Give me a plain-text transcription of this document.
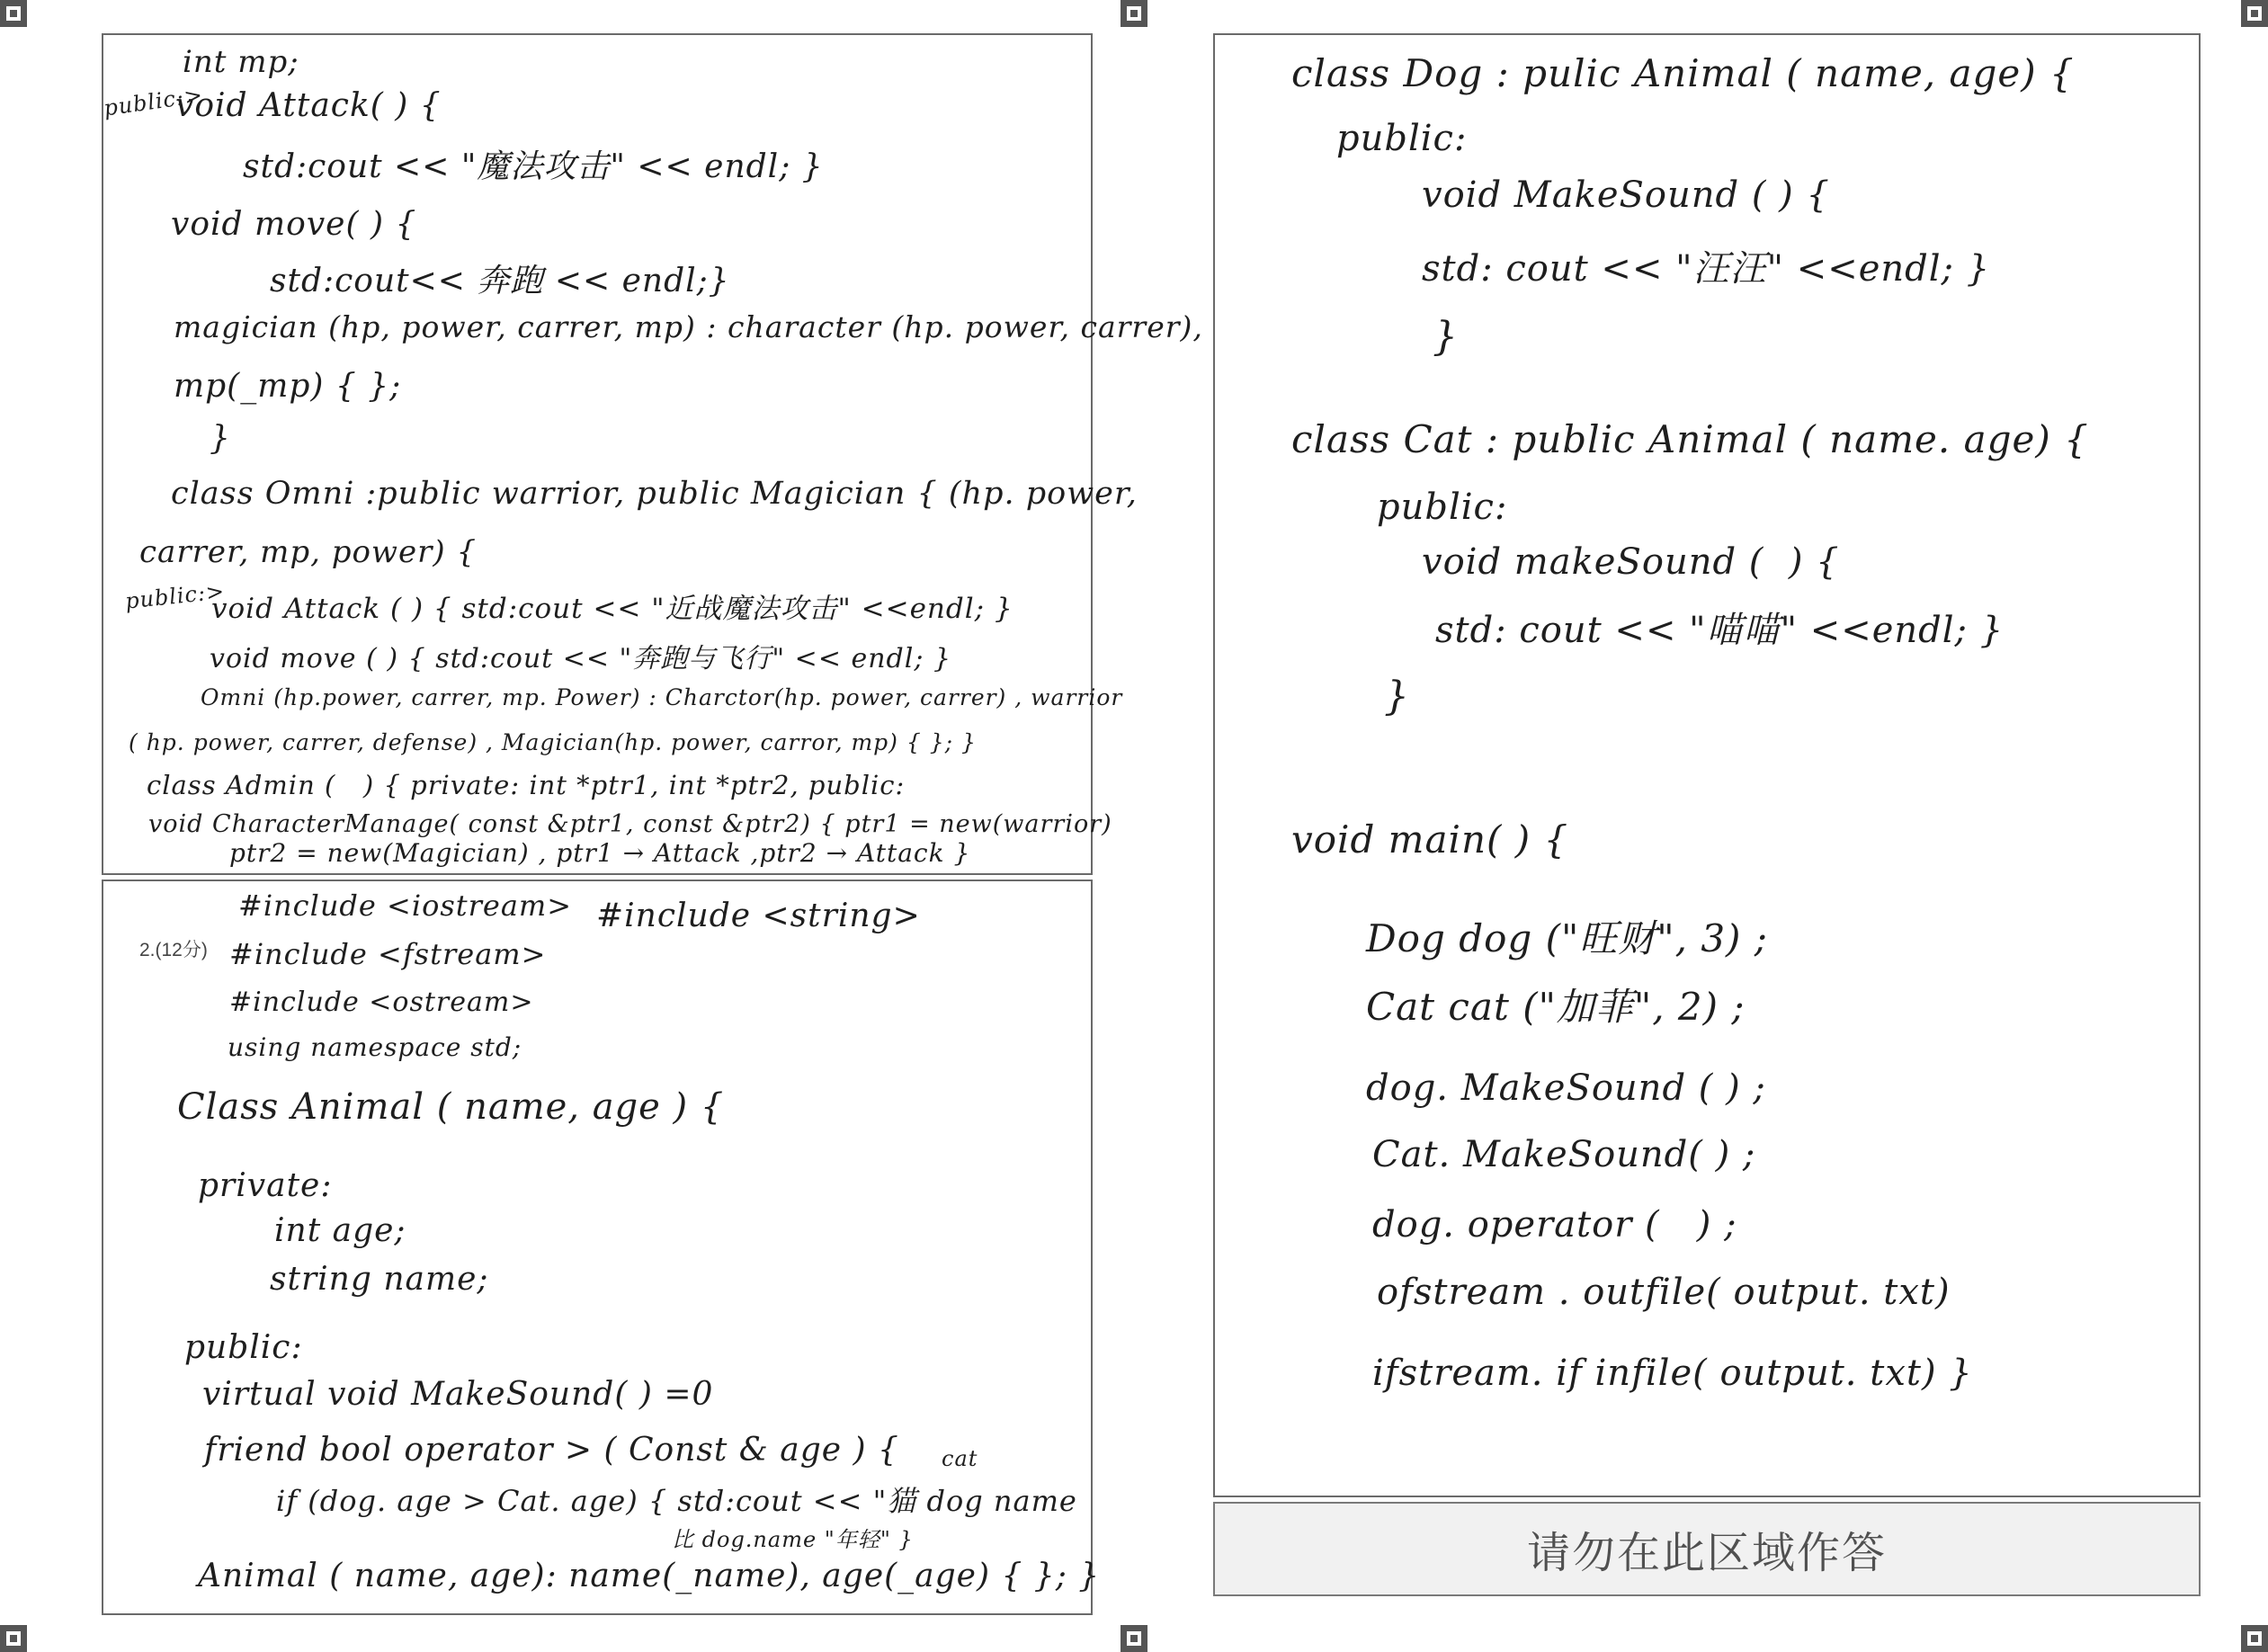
int mp;
public:>
void Attack( ) {
std:cout << "魔法攻击" << endl; }
void move( ) {
std:cout<< 奔跑 << endl;}
magician (hp, power, carrer, mp) : character (hp. power, carrer),
mp(_mp) { };
}
class Omni :public warrior, public Magician { (hp. power,
carrer, mp, power) {
public:>
void Attack ( ) { std:cout << "近战魔法攻击" <<endl; }
void move ( ) { std:cout << "奔跑与飞行" << endl; }
Omni (hp.power, carrer, mp. Power) : Charctor(hp. power, carrer) , warrior
( hp. power, carrer, defense) , Magician(hp. power, carror, mp) { }; }
class Admin (   ) { private: int *ptr1, int *ptr2, public:
void CharacterManage( const &ptr1, const &ptr2) { ptr1 = new(warrior)
ptr2 = new(Magician) , ptr1 → Attack ,ptr2 → Attack }
2.(12分)
#include <iostream> #include <string>
#include <fstream>
#include <ostream>
using namespace std;
Class Animal ( name, age ) {
private:
int age;
string name;
public:
virtual void MakeSound( ) =0
friend bool operator > ( Const & age ) { cat
if (dog. age > Cat. age) { std:cout << "猫 dog name
比 dog.name "年轻" }
Animal ( name, age): name(_name), age(_age) { }; }
class Dog : pulic Animal ( name, age) {
public:
void MakeSound ( ) {
std: cout << "汪汪" <<endl; }
}
class Cat : public Animal ( name. age) {
public:
void makeSound (  ) {
std: cout << "喵喵" <<endl; }
}
void main( ) {
Dog dog ("旺财", 3) ;
Cat cat ("加菲", 2) ;
dog. MakeSound ( ) ;
Cat. MakeSound( ) ;
dog. operator (   ) ;
ofstream . outfile( output. txt)
ifstream. if infile( output. txt) }
请勿在此区域作答
